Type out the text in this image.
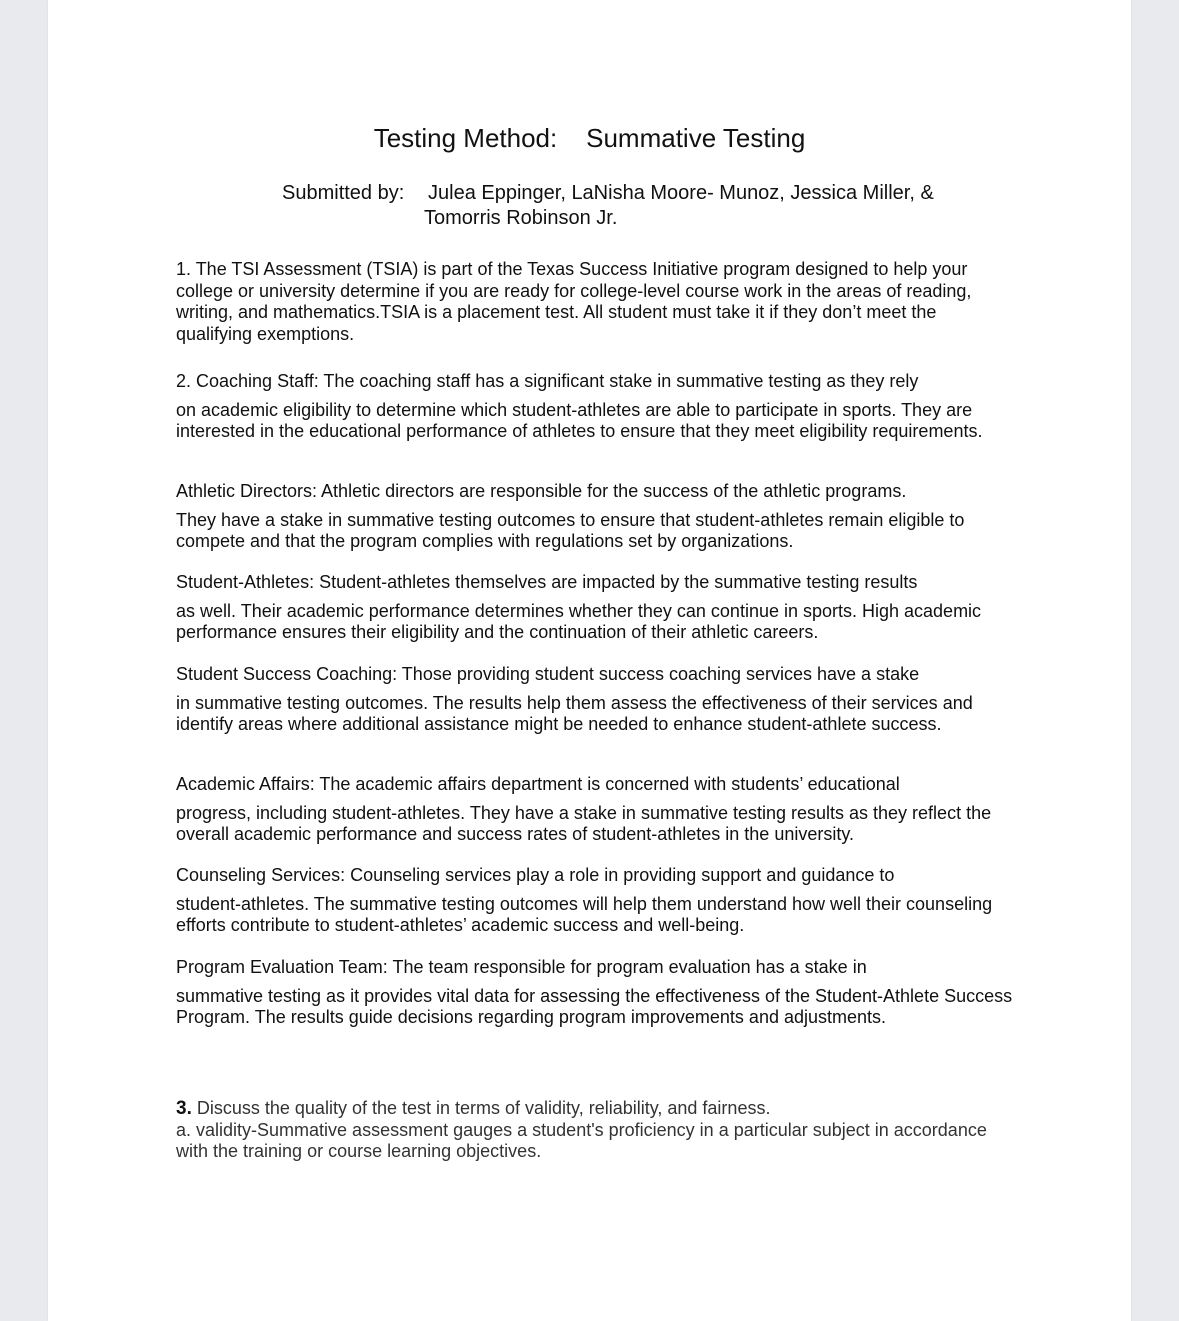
Testing Method:    Summative Testing
Submitted by: Julea Eppinger, LaNisha Moore- Munoz, Jessica Miller, &
Tomorris Robinson Jr.
1. The TSI Assessment (TSIA) is part of the Texas Success Initiative program designed to help your college or university determine if you are ready for college-level course work in the areas of reading, writing, and mathematics.TSIA is a placement test. All student must take it if they don’t meet the qualifying exemptions.
2. Coaching Staff: The coaching staff has a significant stake in summative testing as they rely
on academic eligibility to determine which student-athletes are able to participate in sports. They are interested in the educational performance of athletes to ensure that they meet eligibility requirements.
Athletic Directors: Athletic directors are responsible for the success of the athletic programs.
They have a stake in summative testing outcomes to ensure that student-athletes remain eligible to compete and that the program complies with regulations set by organizations.
Student-Athletes: Student-athletes themselves are impacted by the summative testing results
as well. Their academic performance determines whether they can continue in sports. High academic performance ensures their eligibility and the continuation of their athletic careers.
Student Success Coaching: Those providing student success coaching services have a stake
in summative testing outcomes. The results help them assess the effectiveness of their services and identify areas where additional assistance might be needed to enhance student-athlete success.
Academic Affairs: The academic affairs department is concerned with students’ educational
progress, including student-athletes. They have a stake in summative testing results as they reflect the overall academic performance and success rates of student-athletes in the university.
Counseling Services: Counseling services play a role in providing support and guidance to
student-athletes. The summative testing outcomes will help them understand how well their counseling efforts contribute to student-athletes’ academic success and well-being.
Program Evaluation Team: The team responsible for program evaluation has a stake in
summative testing as it provides vital data for assessing the effectiveness of the Student-Athlete Success Program. The results guide decisions regarding program improvements and adjustments.
3. Discuss the quality of the test in terms of validity, reliability, and fairness.
a. validity-Summative assessment gauges a student's proficiency in a particular subject in accordance with the training or course learning objectives.
